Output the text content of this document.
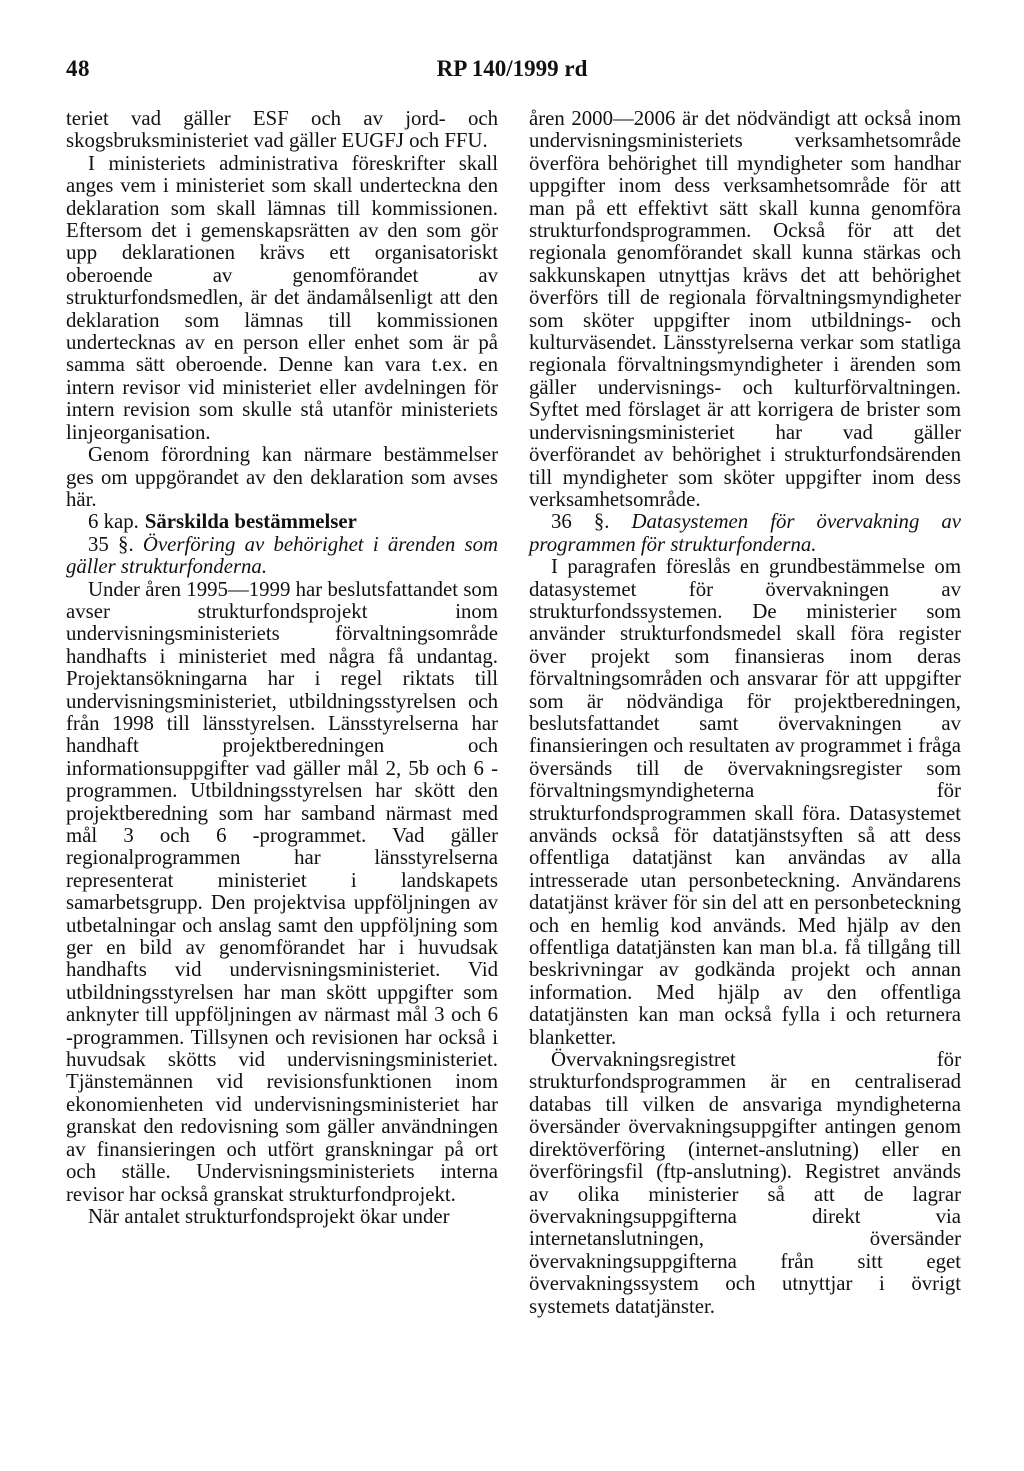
48	RP 140/1999 rd

teriet vad gäller ESF och av jord- och skogsbruksministeriet vad gäller EUGFJ och FFU.

I ministeriets administrativa föreskrifter skall anges vem i ministeriet som skall underteckna den deklaration som skall lämnas till kommissionen. Eftersom det i gemenskapsrätten av den som gör upp deklarationen krävs ett organisatoriskt oberoende av genomförandet av strukturfondsmedlen, är det ändamålsenligt att den deklaration som lämnas till kommissionen undertecknas av en person eller enhet som är på samma sätt oberoende. Denne kan vara t.ex. en intern revisor vid ministeriet eller avdelningen för intern revision som skulle stå utanför ministeriets linjeorganisation.

Genom förordning kan närmare bestämmelser ges om uppgörandet av den deklaration som avses här.

6 kap. Särskilda bestämmelser

35 §. Överföring av behörighet i ärenden som gäller strukturfonderna.

Under åren 1995—1999 har beslutsfattandet som avser strukturfondsprojekt inom undervisningsministeriets förvaltningsområde handhafts i ministeriet med några få undantag. Projektansökningarna har i regel riktats till undervisningsministeriet, utbildningsstyrelsen och från 1998 till länsstyrelsen. Länsstyrelserna har handhaft projektberedningen och informationsuppgifter vad gäller mål 2, 5b och 6 -programmen. Utbildningsstyrelsen har skött den projektberedning som har samband närmast med mål 3 och 6 -programmet. Vad gäller regionalprogrammen har länsstyrelserna representerat ministeriet i landskapets samarbetsgrupp. Den projektvisa uppföljningen av utbetalningar och anslag samt den uppföljning som ger en bild av genomförandet har i huvudsak handhafts vid undervisningsministeriet. Vid utbildningsstyrelsen har man skött uppgifter som anknyter till uppföljningen av närmast mål 3 och 6 -programmen. Tillsynen och revisionen har också i huvudsak skötts vid undervisningsministeriet. Tjänstemännen vid revisionsfunktionen inom ekonomienheten vid undervisningsministeriet har granskat den redovisning som gäller användningen av finansieringen och utfört granskningar på ort och ställe. Undervisningsministeriets interna revisor har också granskat strukturfondprojekt.

När antalet strukturfondsprojekt ökar under

åren 2000—2006 är det nödvändigt att också inom undervisningsministeriets verksamhetsområde överföra behörighet till myndigheter som handhar uppgifter inom dess verksamhetsområde för att man på ett effektivt sätt skall kunna genomföra strukturfondsprogrammen. Också för att det regionala genomförandet skall kunna stärkas och sakkunskapen utnyttjas krävs det att behörighet överförs till de regionala förvaltningsmyndigheter som sköter uppgifter inom utbildnings- och kulturväsendet. Länsstyrelserna verkar som statliga regionala förvaltningsmyndigheter i ärenden som gäller undervisnings- och kulturförvaltningen. Syftet med förslaget är att korrigera de brister som undervisningsministeriet har vad gäller överförandet av behörighet i strukturfondsärenden till myndigheter som sköter uppgifter inom dess verksamhetsområde.

36 §. Datasystemen för övervakning av programmen för strukturfonderna.

I paragrafen föreslås en grundbestämmelse om datasystemet för övervakningen av strukturfondssystemen. De ministerier som använder strukturfondsmedel skall föra register över projekt som finansieras inom deras förvaltningsområden och ansvarar för att uppgifter som är nödvändiga för projektberedningen, beslutsfattandet samt övervakningen av finansieringen och resultaten av programmet i fråga översänds till de övervakningsregister som förvaltningsmyndigheterna för strukturfondsprogrammen skall föra. Datasystemet används också för datatjänstsyften så att dess offentliga datatjänst kan användas av alla intresserade utan personbeteckning. Användarens datatjänst kräver för sin del att en personbeteckning och en hemlig kod används. Med hjälp av den offentliga datatjänsten kan man bl.a. få tillgång till beskrivningar av godkända projekt och annan information. Med hjälp av den offentliga datatjänsten kan man också fylla i och returnera blanketter.

Övervakningsregistret för strukturfondsprogrammen är en centraliserad databas till vilken de ansvariga myndigheterna översänder övervakningsuppgifter antingen genom direktöverföring (internet-anslutning) eller en överföringsfil (ftp-anslutning). Registret används av olika ministerier så att de lagrar övervakningsuppgifterna direkt via internetanslutningen, översänder övervakningsuppgifterna från sitt eget övervakningssystem och utnyttjar i övrigt systemets datatjänster.
